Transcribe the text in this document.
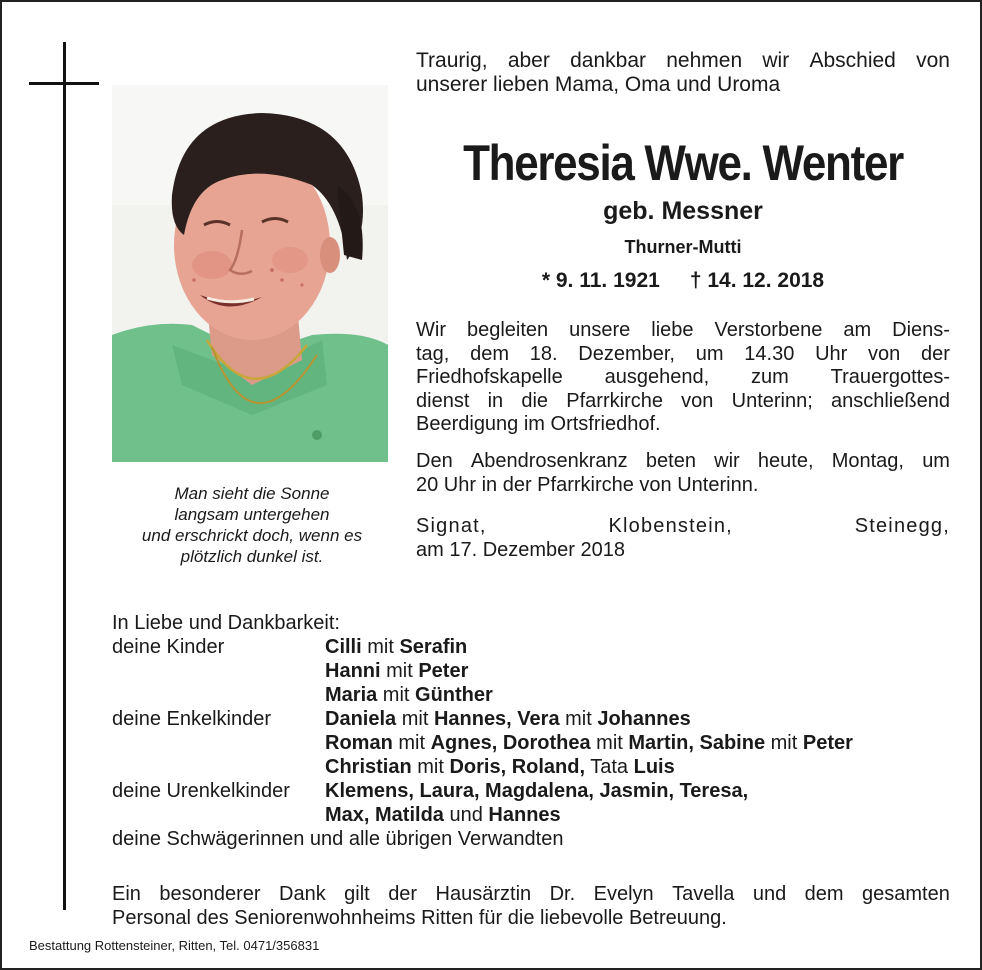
Man sieht die Sonne
langsam untergehen
und erschrickt doch, wenn es
plötzlich dunkel ist.
Traurig, aber dankbar nehmen wir Abschied von
unserer lieben Mama, Oma und Uroma
Theresia Wwe. Wenter
geb. Messner
Thurner-Mutti
* 9. 11. 1921 † 14. 12. 2018
Wir begleiten unsere liebe Verstorbene am Diens-
tag, dem 18. Dezember, um 14.30 Uhr von der
Friedhofskapelle ausgehend, zum Trauergottes-
dienst in die Pfarrkirche von Unterinn; anschließend
Beerdigung im Ortsfriedhof.
Den Abendrosenkranz beten wir heute, Montag, um
20 Uhr in der Pfarrkirche von Unterinn.
Signat,	Klobenstein,	Steinegg,
am 17. Dezember 2018
In Liebe und Dankbarkeit:
deine Kinder	Cilli mit Serafin
Hanni mit Peter
Maria mit Günther
deine Enkelkinder	Daniela mit Hannes, Vera mit Johannes
Roman mit Agnes, Dorothea mit Martin, Sabine mit Peter
Christian mit Doris, Roland, Tata Luis
deine Urenkelkinder	Klemens, Laura, Magdalena, Jasmin, Teresa,
Max, Matilda und Hannes
deine Schwägerinnen und alle übrigen Verwandten
Ein besonderer Dank gilt der Hausärztin Dr. Evelyn Tavella und dem gesamten
Personal des Seniorenwohnheims Ritten für die liebevolle Betreuung.
Bestattung Rottensteiner, Ritten, Tel. 0471/356831
